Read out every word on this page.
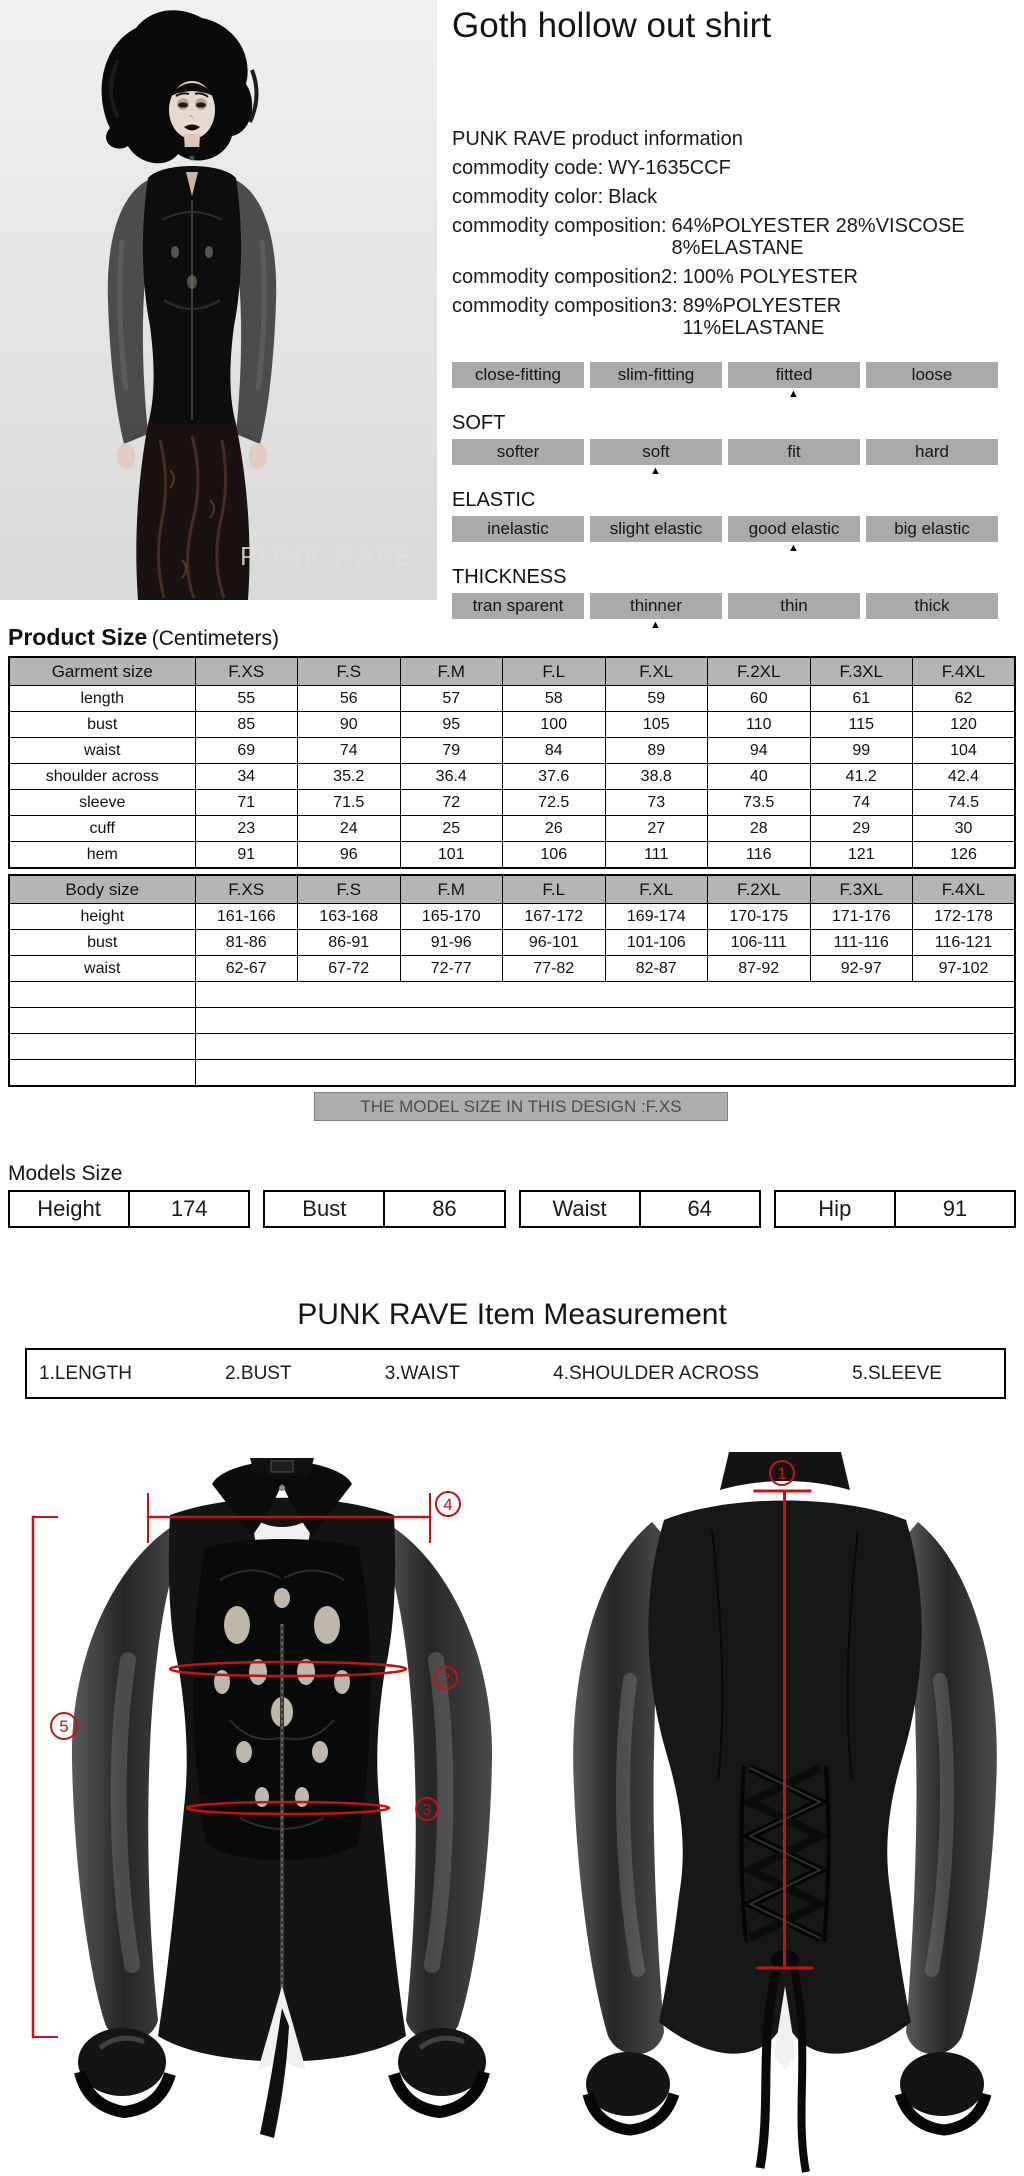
PUNK RAVE
Goth hollow out shirt
PUNK RAVE product information
commodity code: WY-1635CCF
commodity color: Black
commodity composition: 64%POLYESTER 28%VISCOSE
8%ELASTANE
commodity composition2: 100% POLYESTER
commodity composition3: 89%POLYESTER
11%ELASTANE
close-fitting	slim-fitting	fitted	loose
▲
SOFT
softer	soft	fit	hard
▲
ELASTIC
inelastic	slight elastic	good elastic	big elastic
▲
THICKNESS
tran sparent	thinner	thin	thick
▲
Product Size (Centimeters)
Garment size	F.XS	F.S	F.M	F.L	F.XL	F.2XL	F.3XL	F.4XL
length	55	56	57	58	59	60	61	62
bust	85	90	95	100	105	110	115	120
waist	69	74	79	84	89	94	99	104
shoulder across	34	35.2	36.4	37.6	38.8	40	41.2	42.4
sleeve	71	71.5	72	72.5	73	73.5	74	74.5
cuff	23	24	25	26	27	28	29	30
hem	91	96	101	106	111	116	121	126
Body size	F.XS	F.S	F.M	F.L	F.XL	F.2XL	F.3XL	F.4XL
height	161-166	163-168	165-170	167-172	169-174	170-175	171-176	172-178
bust	81-86	86-91	91-96	96-101	101-106	106-111	111-116	116-121
waist	62-67	67-72	72-77	77-82	82-87	87-92	92-97	97-102

THE MODEL SIZE IN THIS DESIGN :F.XS
Models Size
Height	174	Bust	86	Waist	64	Hip	91
PUNK RAVE Item Measurement
1.LENGTH	2.BUST	3.WAIST	4.SHOULDER ACROSS	5.SLEEVE
4
2
3
5
1
